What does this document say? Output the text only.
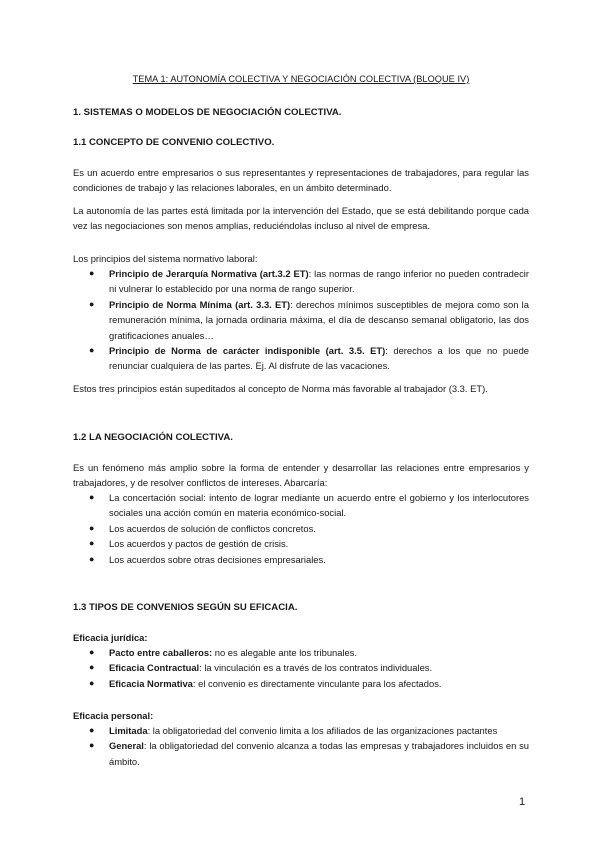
TEMA 1: AUTONOMÍA COLECTIVA Y NEGOCIACIÓN COLECTIVA (BLOQUE IV)
1. SISTEMAS O MODELOS DE NEGOCIACIÓN COLECTIVA.
1.1 CONCEPTO DE CONVENIO COLECTIVO.
Es un acuerdo entre empresarios o sus representantes y representaciones de trabajadores, para regular las condiciones de trabajo y las relaciones laborales, en un ámbito determinado.
La autonomía de las partes está limitada por la intervención del Estado, que se está debilitando porque cada vez las negociaciones son menos amplias, reduciéndolas incluso al nivel de empresa.
Los principios del sistema normativo laboral:
● Principio de Jerarquía Normativa (art.3.2 ET): las normas de rango inferior no pueden contradecir ni vulnerar lo establecido por una norma de rango superior.
● Principio de Norma Mínima (art. 3.3. ET): derechos mínimos susceptibles de mejora como son la remuneración mínima, la jornada ordinaria máxima, el día de descanso semanal obligatorio, las dos gratificaciones anuales…
● Principio de Norma de carácter indisponible (art. 3.5. ET): derechos a los que no puede renunciar cualquiera de las partes. Ej. Al disfrute de las vacaciones.
Estos tres principios están supeditados al concepto de Norma más favorable al trabajador (3.3. ET).
1.2 LA NEGOCIACIÓN COLECTIVA.
Es un fenómeno más amplio sobre la forma de entender y desarrollar las relaciones entre empresarios y trabajadores, y de resolver conflictos de intereses. Abarcaría:
● La concertación social: intento de lograr mediante un acuerdo entre el gobierno y los interlocutores sociales una acción común en materia económico-social.
● Los acuerdos de solución de conflictos concretos.
● Los acuerdos y pactos de gestión de crisis.
● Los acuerdos sobre otras decisiones empresariales.
1.3 TIPOS DE CONVENIOS SEGÚN SU EFICACIA.
Eficacia jurídica:
● Pacto entre caballeros: no es alegable ante los tribunales.
● Eficacia Contractual: la vinculación es a través de los contratos individuales.
● Eficacia Normativa: el convenio es directamente vinculante para los afectados.
Eficacia personal:
● Limitada: la obligatoriedad del convenio limita a los afiliados de las organizaciones pactantes
● General: la obligatoriedad del convenio alcanza a todas las empresas y trabajadores incluidos en su ámbito.
1
